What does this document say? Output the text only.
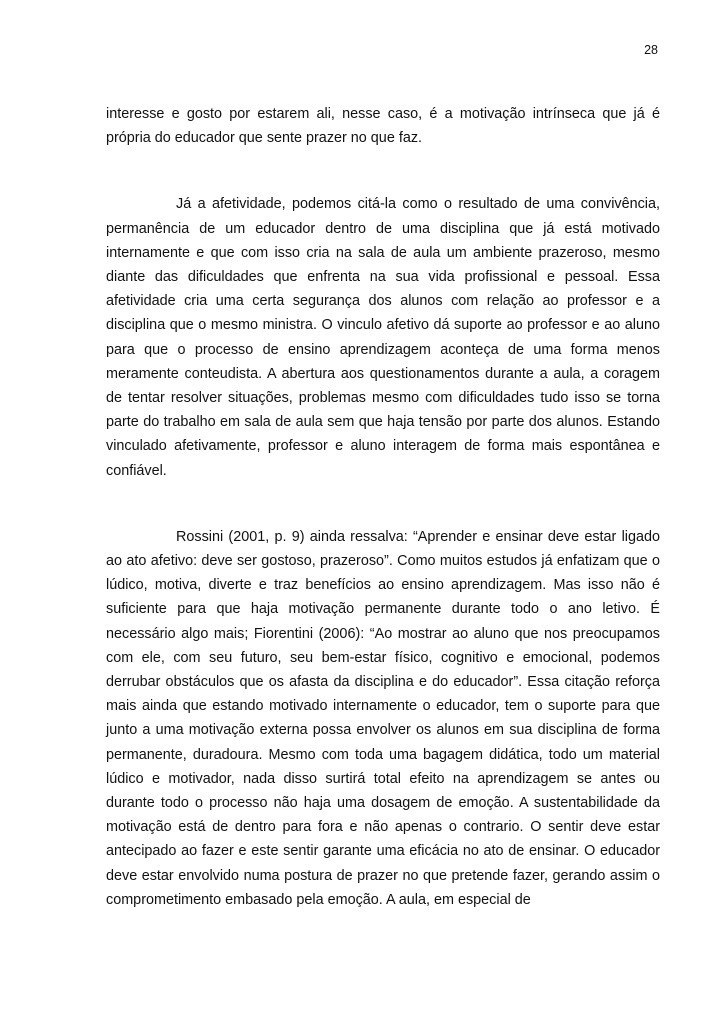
28

interesse e gosto por estarem ali, nesse caso, é a motivação intrínseca que já é própria do educador que sente prazer no que faz.

Já a afetividade, podemos citá-la como o resultado de uma convivência, permanência de um educador dentro de uma disciplina que já está motivado internamente e que com isso cria na sala de aula um ambiente prazeroso, mesmo diante das dificuldades que enfrenta na sua vida profissional e pessoal. Essa afetividade cria uma certa segurança dos alunos com relação ao professor e a disciplina que o mesmo ministra. O vinculo afetivo dá suporte ao professor e ao aluno para que o processo de ensino aprendizagem aconteça de uma forma menos meramente conteudista. A abertura aos questionamentos durante a aula, a coragem de tentar resolver situações, problemas mesmo com dificuldades tudo isso se torna parte do trabalho em sala de aula sem que haja tensão por parte dos alunos. Estando vinculado afetivamente, professor e aluno interagem de forma mais espontânea e confiável.

Rossini (2001, p. 9) ainda ressalva: “Aprender e ensinar deve estar ligado ao ato afetivo: deve ser gostoso, prazeroso”. Como muitos estudos já enfatizam que o lúdico, motiva, diverte e traz benefícios ao ensino aprendizagem. Mas isso não é suficiente para que haja motivação permanente durante todo o ano letivo. É necessário algo mais; Fiorentini (2006): “Ao mostrar ao aluno que nos preocupamos com ele, com seu futuro, seu bem-estar físico, cognitivo e emocional, podemos derrubar obstáculos que os afasta da disciplina e do educador”. Essa citação reforça mais ainda que estando motivado internamente o educador, tem o suporte para que junto a uma motivação externa possa envolver os alunos em sua disciplina de forma permanente, duradoura. Mesmo com toda uma bagagem didática, todo um material lúdico e motivador, nada disso surtirá total efeito na aprendizagem se antes ou durante todo o processo não haja uma dosagem de emoção. A sustentabilidade da motivação está de dentro para fora e não apenas o contrario. O sentir deve estar antecipado ao fazer e este sentir garante uma eficácia no ato de ensinar. O educador deve estar envolvido numa postura de prazer no que pretende fazer, gerando assim o comprometimento embasado pela emoção. A aula, em especial de
